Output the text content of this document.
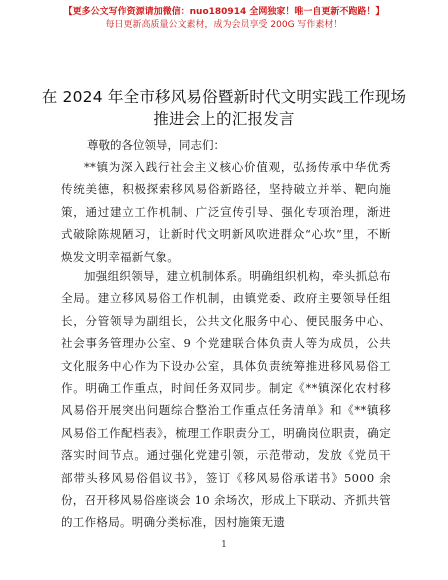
【更多公文写作资源请加微信：nuo180914 全网独家！唯一自更新不跑路！】
每日更新高质量公文素材，成为会员享受 200G 写作素材！
在 2024 年全市移风易俗暨新时代文明实践工作现场推进会上的汇报发言
尊敬的各位领导，同志们：
**镇为深入践行社会主义核心价值观，弘扬传承中华优秀传统美德，积极探索移风易俗新路径，坚持破立并举、靶向施策，通过建立工作机制、广泛宣传引导、强化专项治理，渐进式破除陈规陋习，让新时代文明新风吹进群众“心坎”里，不断焕发文明幸福新气象。
加强组织领导，建立机制体系。明确组织机构，牵头抓总布全局。建立移风易俗工作机制，由镇党委、政府主要领导任组长，分管领导为副组长，公共文化服务中心、便民服务中心、社会事务管理办公室、9 个党建联合体负责人等为成员，公共文化服务中心作为下设办公室，具体负责统筹推进移风易俗工作。明确工作重点，时间任务双同步。制定《**镇深化农村移风易俗开展突出问题综合整治工作重点任务清单》和《**镇移风易俗工作配档表》，梳理工作职责分工，明确岗位职责，确定落实时间节点。通过强化党建引领，示范带动，发放《党员干部带头移风易俗倡议书》，签订《移风易俗承诺书》5000 余份，召开移风易俗座谈会 10 余场次，形成上下联动、齐抓共管的工作格局。明确分类标准，因村施策无遗
1
